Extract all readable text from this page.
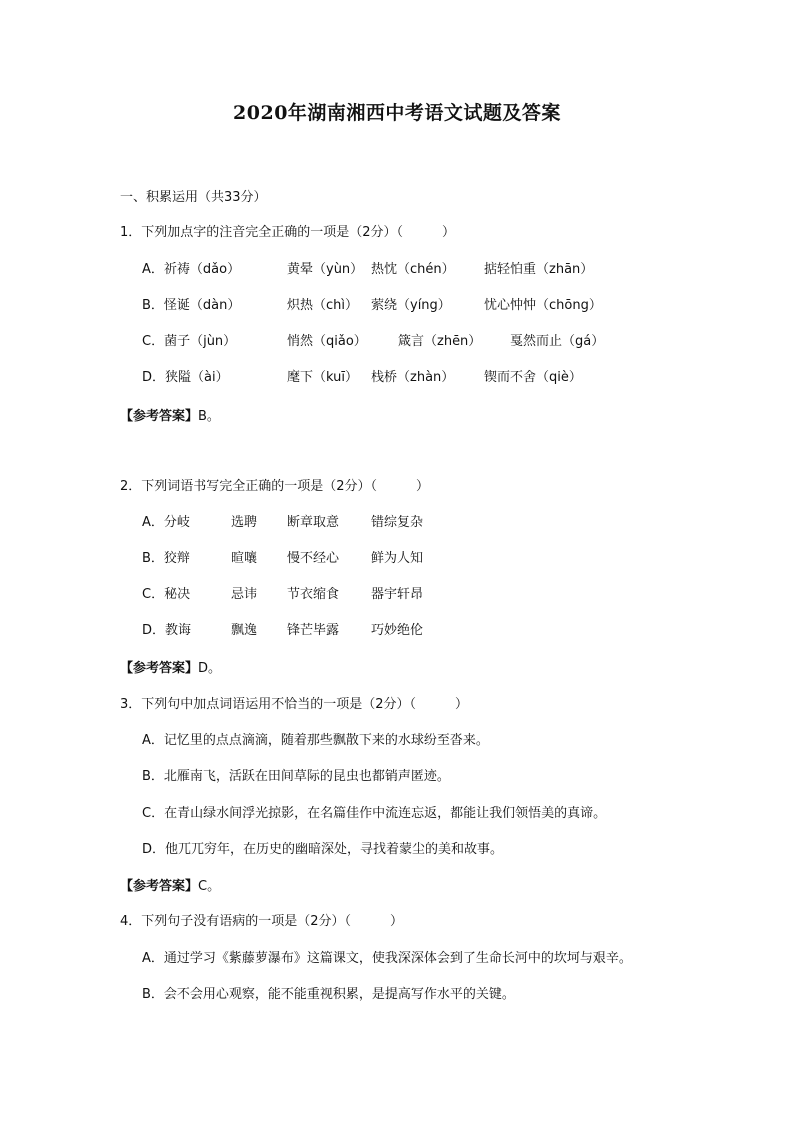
2020年湖南湘西中考语文试题及答案
一、积累运用（共33分）
1．下列加点字的注音完全正确的一项是（2分）（　　　）
A．祈祷（dǎo）	黄晕（yùn） 热忱（chén） 掂轻怕重（zhān）
B．怪诞（dàn）	炽热（chì） 萦绕（yíng）	忧心忡忡（chōng）
C．菌子（jùn）	悄然（qiǎo） 箴言（zhēn） 戛然而止（gá）
D．狭隘（ài）	麾下（kuī） 栈桥（zhàn） 锲而不舍（qiè）
【参考答案】B。
2．下列词语书写完全正确的一项是（2分）（　　　）
A．分岐	选聘 断章取意 错综复杂
B．狡辩	暄嚷 慢不经心 鲜为人知
C．秘决	忌讳 节衣缩食 器宇轩昂
D．教诲	飘逸 锋芒毕露 巧妙绝伦
【参考答案】D。
3．下列句中加点词语运用不恰当的一项是（2分）（　　　）
A．记忆里的点点滴滴，随着那些飘散下来的水球纷至沓来。
B．北雁南飞，活跃在田间草际的昆虫也都销声匿迹。
C．在青山绿水间浮光掠影，在名篇佳作中流连忘返，都能让我们领悟美的真谛。
D．他兀兀穷年，在历史的幽暗深处，寻找着蒙尘的美和故事。
【参考答案】C。
4．下列句子没有语病的一项是（2分）（　　　）
A．通过学习《紫藤萝瀑布》这篇课文，使我深深体会到了生命长河中的坎坷与艰辛。
B．会不会用心观察，能不能重视积累，是提高写作水平的关键。
